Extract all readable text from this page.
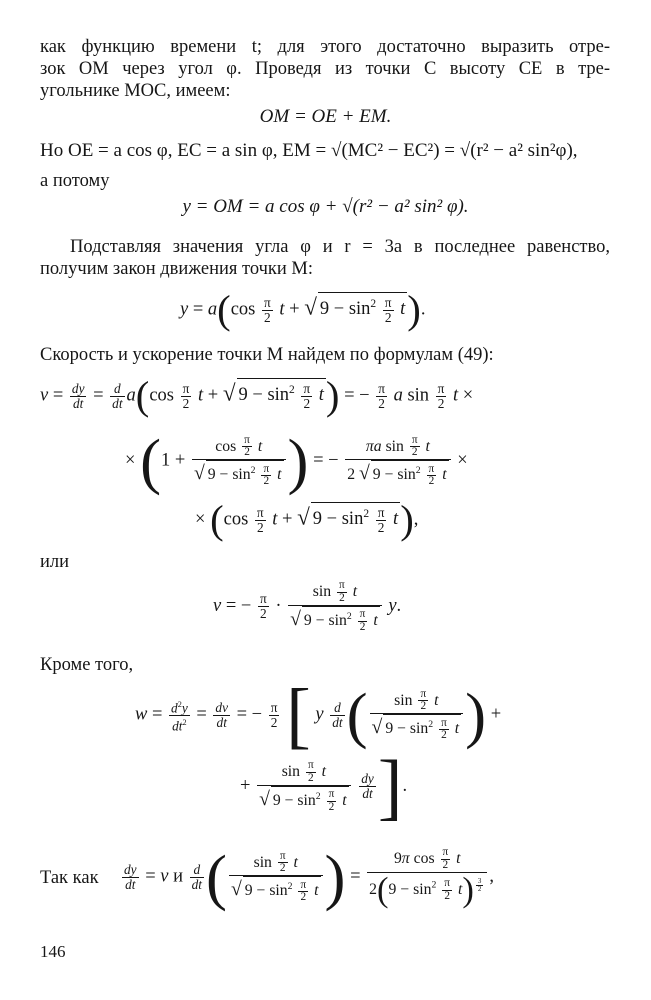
как функцию времени t; для этого достаточно выразить отре-
зок OM через угол φ. Проведя из точки C высоту CE в тре-
угольнике MOC, имеем:
OM = OE + EM.
Но OE = a cos φ, EC = a sin φ, EM = √(MC² − EC²) = √(r² − a² sin²φ),
а потому
y = OM = a cos φ + √(r² − a² sin² φ).
Подставляя значения угла φ и r = 3a в последнее равенство,
получим закон движения точки M:
$y = a(\cos \frac{\pi}{2}$ t + √ $9 - \sin^2 \frac{\pi}{2} t$).
Скорость и ускорение точки M найдем по формулам (49):
$v = \frac{dy}{dt} = \frac{d}{dt} a(\cos \frac{\pi}{2}$ t + √ $9 - \sin^2 \frac{\pi}{2} t$) = − $\frac{\pi}{2}$ a $\sin \frac{\pi}{2}$ t ×
× ($1 + \frac{\cos \frac{\pi}{2} t}{√ 9 - \sin^2 \frac{\pi}{2} t}$ ) = − $\frac{\pi a \sin \frac{\pi}{2} t}{2 √ 9 - \sin^2 \frac{\pi}{2} t}$ ×
× ($\cos \frac{\pi}{2}$ t + √ $9 - \sin^2 \frac{\pi}{2} t$),
или
v = − $\frac{\pi}{2} \cdot \frac{\sin \frac{\pi}{2} t}{√ 9 - \sin^2 \frac{\pi}{2} t} y$.
Кроме того,
$w = \frac{d^2y}{dt^2} = \frac{dv}{dt}$ = − $\frac{\pi}{2}$ [ y $\frac{d}{dt}$ ( $\frac{\sin \frac{\pi}{2} t}{√ 9 - \sin^2 \frac{\pi}{2} t}$ ) +
+ $\frac{\sin \frac{\pi}{2} t}{√ 9 - \sin^2 \frac{\pi}{2} t}$
$\frac{dy}{dt}$ ].
Так как $\frac{dy}{dt} = v$ и $\frac{d}{dt}$ ( $\frac{\sin \frac{\pi}{2} t}{√ 9 - \sin^2 \frac{\pi}{2} t}$ ) = 9π $\cos \frac{\pi}{2}$ t
$2(9 - \sin^2 \frac{\pi}{2} t)$ $^{\frac{3}{2}}$ ,
146
